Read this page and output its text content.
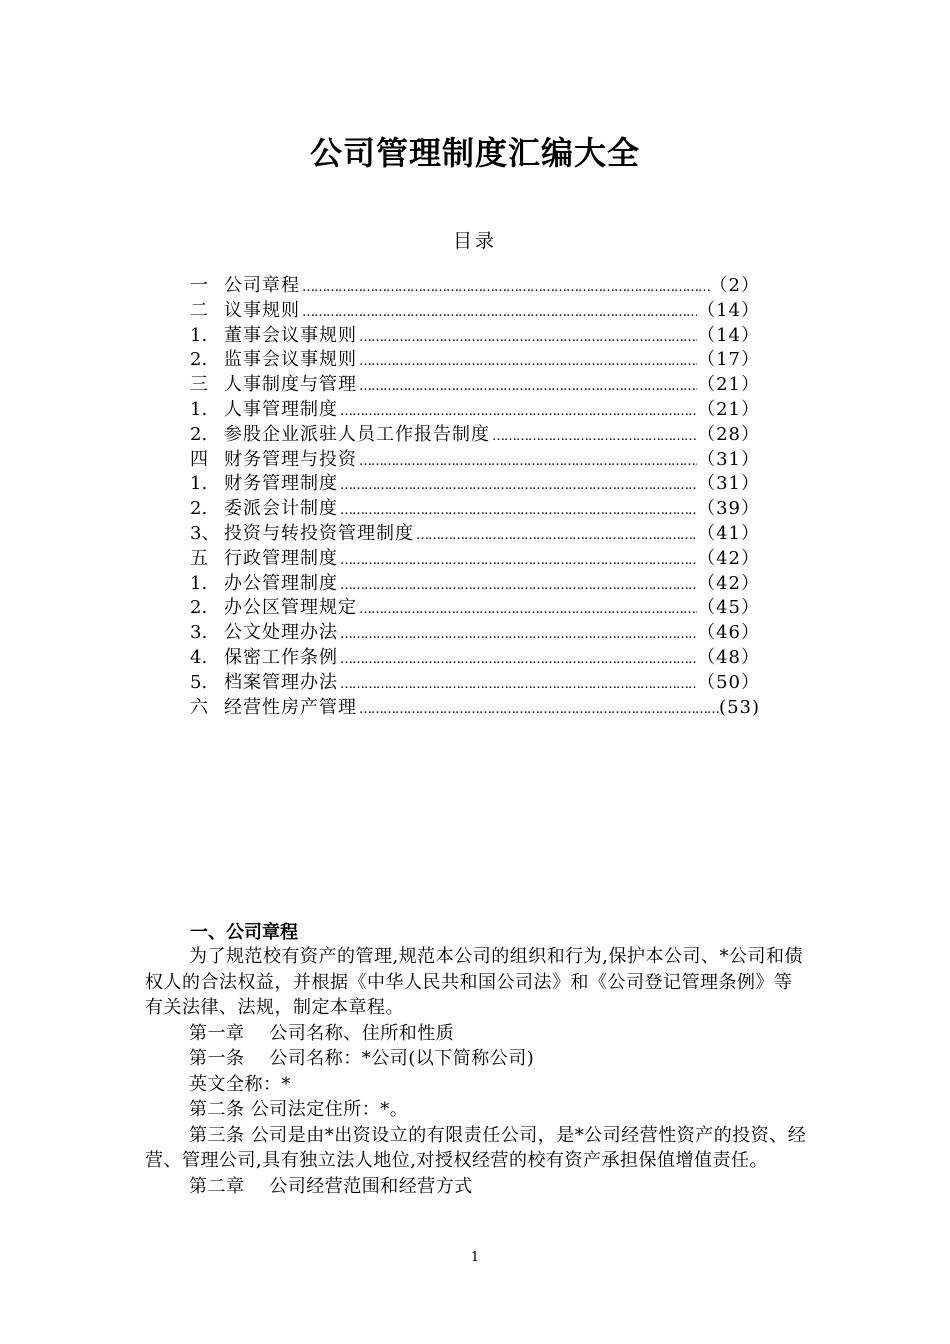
公司管理制度汇编大全
目录
一 公司章程 …………………………………………………………………………………………………………………………	（2）
二 议事规则 …………………………………………………………………………………………………………………………	（14）
1. 董事会议事规则 …………………………………………………………………………………………………………………………	（14）
2. 监事会议事规则 …………………………………………………………………………………………………………………………	（17）
三 人事制度与管理 …………………………………………………………………………………………………………………………	（21）
1. 人事管理制度 …………………………………………………………………………………………………………………………	（21）
2. 参股企业派驻人员工作报告制度 …………………………………………………………………………………………………………………………	（28）
四 财务管理与投资 …………………………………………………………………………………………………………………………	（31）
1. 财务管理制度 …………………………………………………………………………………………………………………………	（31）
2. 委派会计制度 …………………………………………………………………………………………………………………………	（39）
3、 投资与转投资管理制度 …………………………………………………………………………………………………………………………	（41）
五 行政管理制度 …………………………………………………………………………………………………………………………	（42）
1. 办公管理制度 …………………………………………………………………………………………………………………………	（42）
2. 办公区管理规定 …………………………………………………………………………………………………………………………	（45）
3. 公文处理办法 …………………………………………………………………………………………………………………………	（46）
4. 保密工作条例 …………………………………………………………………………………………………………………………	（48）
5. 档案管理办法 …………………………………………………………………………………………………………………………	（50）
六 经营性房产管理 …………………………………………………………………………………………………………………………	(53)
一、公司章程

为了规范校有资产的管理,规范本公司的组织和行为,保护本公司、*公司和债权人的合法权益，并根据《中华人民共和国公司法》和《公司登记管理条例》等有关法律、法规，制定本章程。

第一章　 公司名称、住所和性质

第一条　 公司名称：*公司(以下简称公司)

英文全称：*

第二条 公司法定住所：*。

第三条 公司是由*出资设立的有限责任公司，是*公司经营性资产的投资、经营、管理公司,具有独立法人地位,对授权经营的校有资产承担保值增值责任。

第二章　 公司经营范围和经营方式

1
